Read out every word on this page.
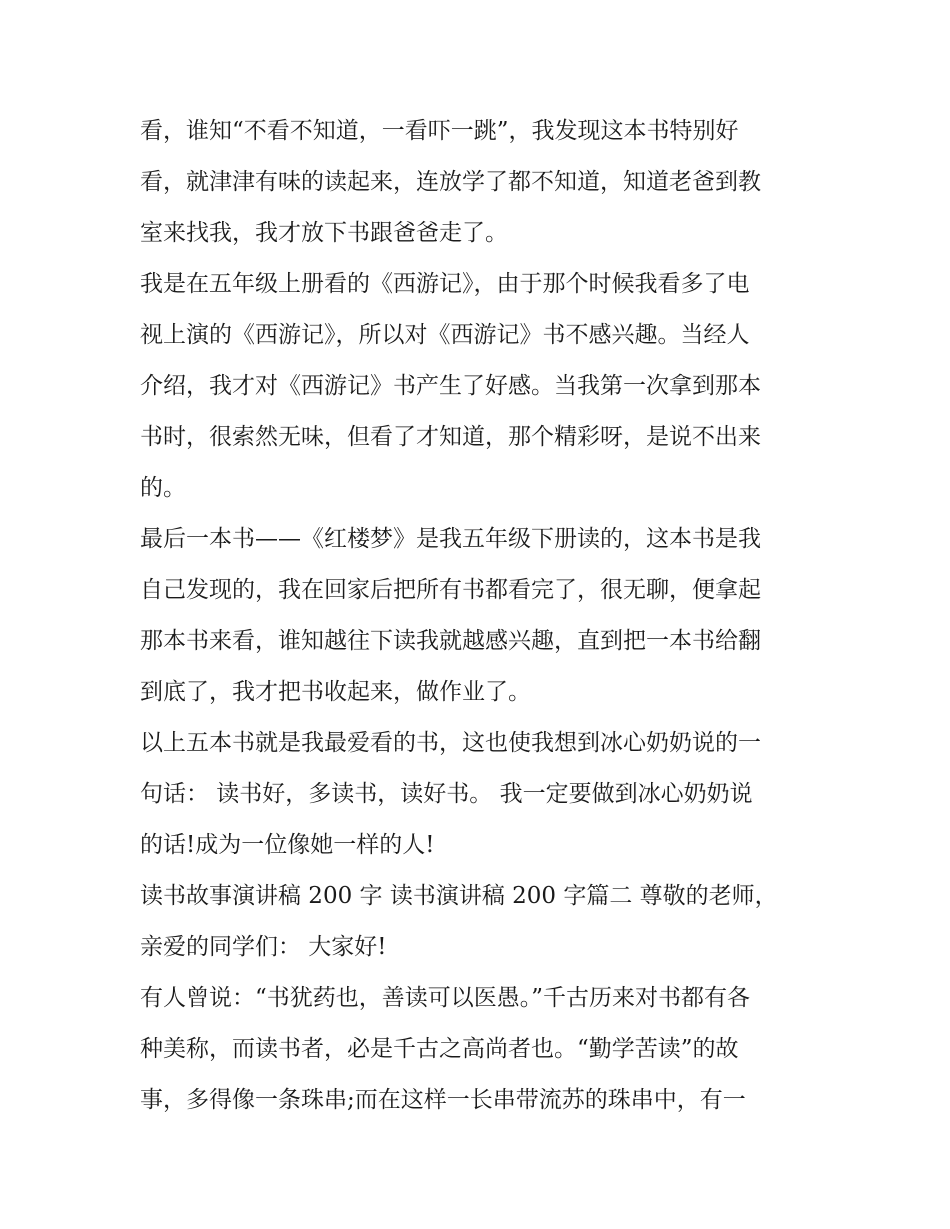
看，谁知“不看不知道，一看吓一跳”，我发现这本书特别好
看，就津津有味的读起来，连放学了都不知道，知道老爸到教
室来找我，我才放下书跟爸爸走了。
我是在五年级上册看的《西游记》，由于那个时候我看多了电
视上演的《西游记》，所以对《西游记》书不感兴趣。当经人
介绍，我才对《西游记》书产生了好感。当我第一次拿到那本
书时，很索然无味，但看了才知道，那个精彩呀，是说不出来
的。
最后一本书——《红楼梦》是我五年级下册读的，这本书是我
自己发现的，我在回家后把所有书都看完了，很无聊，便拿起
那本书来看，谁知越往下读我就越感兴趣，直到把一本书给翻
到底了，我才把书收起来，做作业了。
以上五本书就是我最爱看的书，这也使我想到冰心奶奶说的一
句话： 读书好，多读书，读好书。 我一定要做到冰心奶奶说
的话!成为一位像她一样的人!
读书故事演讲稿 200 字 读书演讲稿 200 字篇二 尊敬的老师，
亲爱的同学们： 大家好!
有人曾说：“书犹药也，善读可以医愚。”千古历来对书都有各
种美称，而读书者，必是千古之高尚者也。“勤学苦读”的故
事，多得像一条珠串;而在这样一长串带流苏的珠串中，有一
